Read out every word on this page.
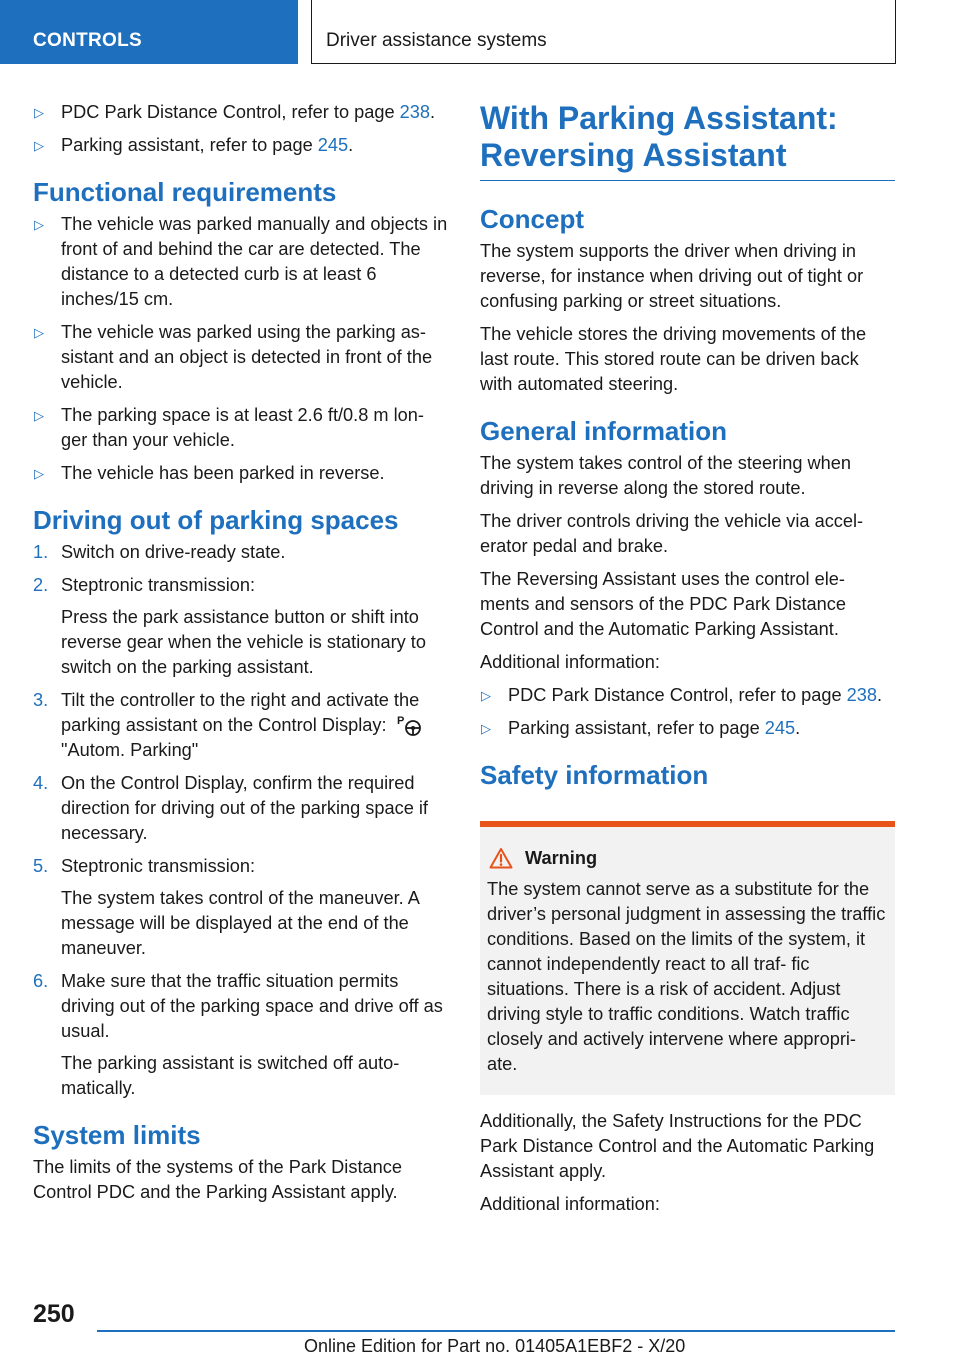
CONTROLS	Driver assistance systems
▷ PDC Park Distance Control, refer to page 238.
▷ Parking assistant, refer to page 245.
Functional requirements
▷ The vehicle was parked manually and objects in front of and behind the car are detected. The distance to a detected curb is at least 6 inches/15 cm.
▷ The vehicle was parked using the parking as‐ sistant and an object is detected in front of the vehicle.
▷ The parking space is at least 2.6 ft/0.8 m lon‐ ger than your vehicle.
▷ The vehicle has been parked in reverse.
Driving out of parking spaces
1. Switch on drive-ready state.
2. Steptronic transmission:
Press the park assistance button or shift into reverse gear when the vehicle is stationary to switch on the parking assistant.
3. Tilt the controller to the right and activate the parking assistant on the Control Display: P
"Autom. Parking"
4. On the Control Display, confirm the required direction for driving out of the parking space if necessary.
5. Steptronic transmission:
The system takes control of the maneuver. A message will be displayed at the end of the maneuver.
6. Make sure that the traffic situation permits driving out of the parking space and drive off as usual.
The parking assistant is switched off auto‐ matically.
System limits
The limits of the systems of the Park Distance Control PDC and the Parking Assistant apply.
With Parking Assistant: Reversing Assistant
Concept
The system supports the driver when driving in reverse, for instance when driving out of tight or confusing parking or street situations.
The vehicle stores the driving movements of the last route. This stored route can be driven back with automated steering.
General information
The system takes control of the steering when driving in reverse along the stored route.
The driver controls driving the vehicle via accel‐ erator pedal and brake.
The Reversing Assistant uses the control ele‐ ments and sensors of the PDC Park Distance Control and the Automatic Parking Assistant.
Additional information:
▷ PDC Park Distance Control, refer to page 238.
▷ Parking assistant, refer to page 245.
Safety information
Warning
The system cannot serve as a substitute for the driver’s personal judgment in assessing the traffic conditions. Based on the limits of the system, it cannot independently react to all traf‐ fic situations. There is a risk of accident. Adjust driving style to traffic conditions. Watch traffic closely and actively intervene where appropri‐ ate.
Additionally, the Safety Instructions for the PDC Park Distance Control and the Automatic Parking Assistant apply.
Additional information:
250
Online Edition for Part no. 01405A1EBF2 - X/20
